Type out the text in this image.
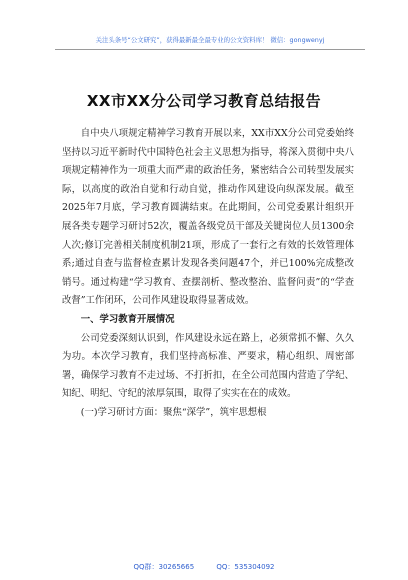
关注头条号“公文研究”，获得最新最全最专业的公文资料库！ 微信：gongwenyj
XX市XX分公司学习教育总结报告

自中央八项规定精神学习教育开展以来，XX市XX分公司党委始终坚持以习近平新时代中国特色社会主义思想为指导，将深入贯彻中央八项规定精神作为一项重大而严肃的政治任务，紧密结合公司转型发展实际，以高度的政治自觉和行动自觉，推动作风建设向纵深发展。截至2025年7月底，学习教育圆满结束。在此期间，公司党委累计组织开展各类专题学习研讨52次，覆盖各级党员干部及关键岗位人员1300余人次;修订完善相关制度机制21项，形成了一套行之有效的长效管理体系;通过自查与监督检查累计发现各类问题47个，并已100%完成整改销号。通过构建“学习教育、查摆剖析、整改整治、监督问责”的“学查改督”工作闭环，公司作风建设取得显著成效。

一、学习教育开展情况

公司党委深刻认识到，作风建设永远在路上，必须常抓不懈、久久为功。本次学习教育，我们坚持高标准、严要求，精心组织、周密部署，确保学习教育不走过场、不打折扣，在全公司范围内营造了学纪、知纪、明纪、守纪的浓厚氛围，取得了实实在在的成效。

(一)学习研讨方面：聚焦“深学”，筑牢思想根

QQ群：30265665	QQ：535304092
